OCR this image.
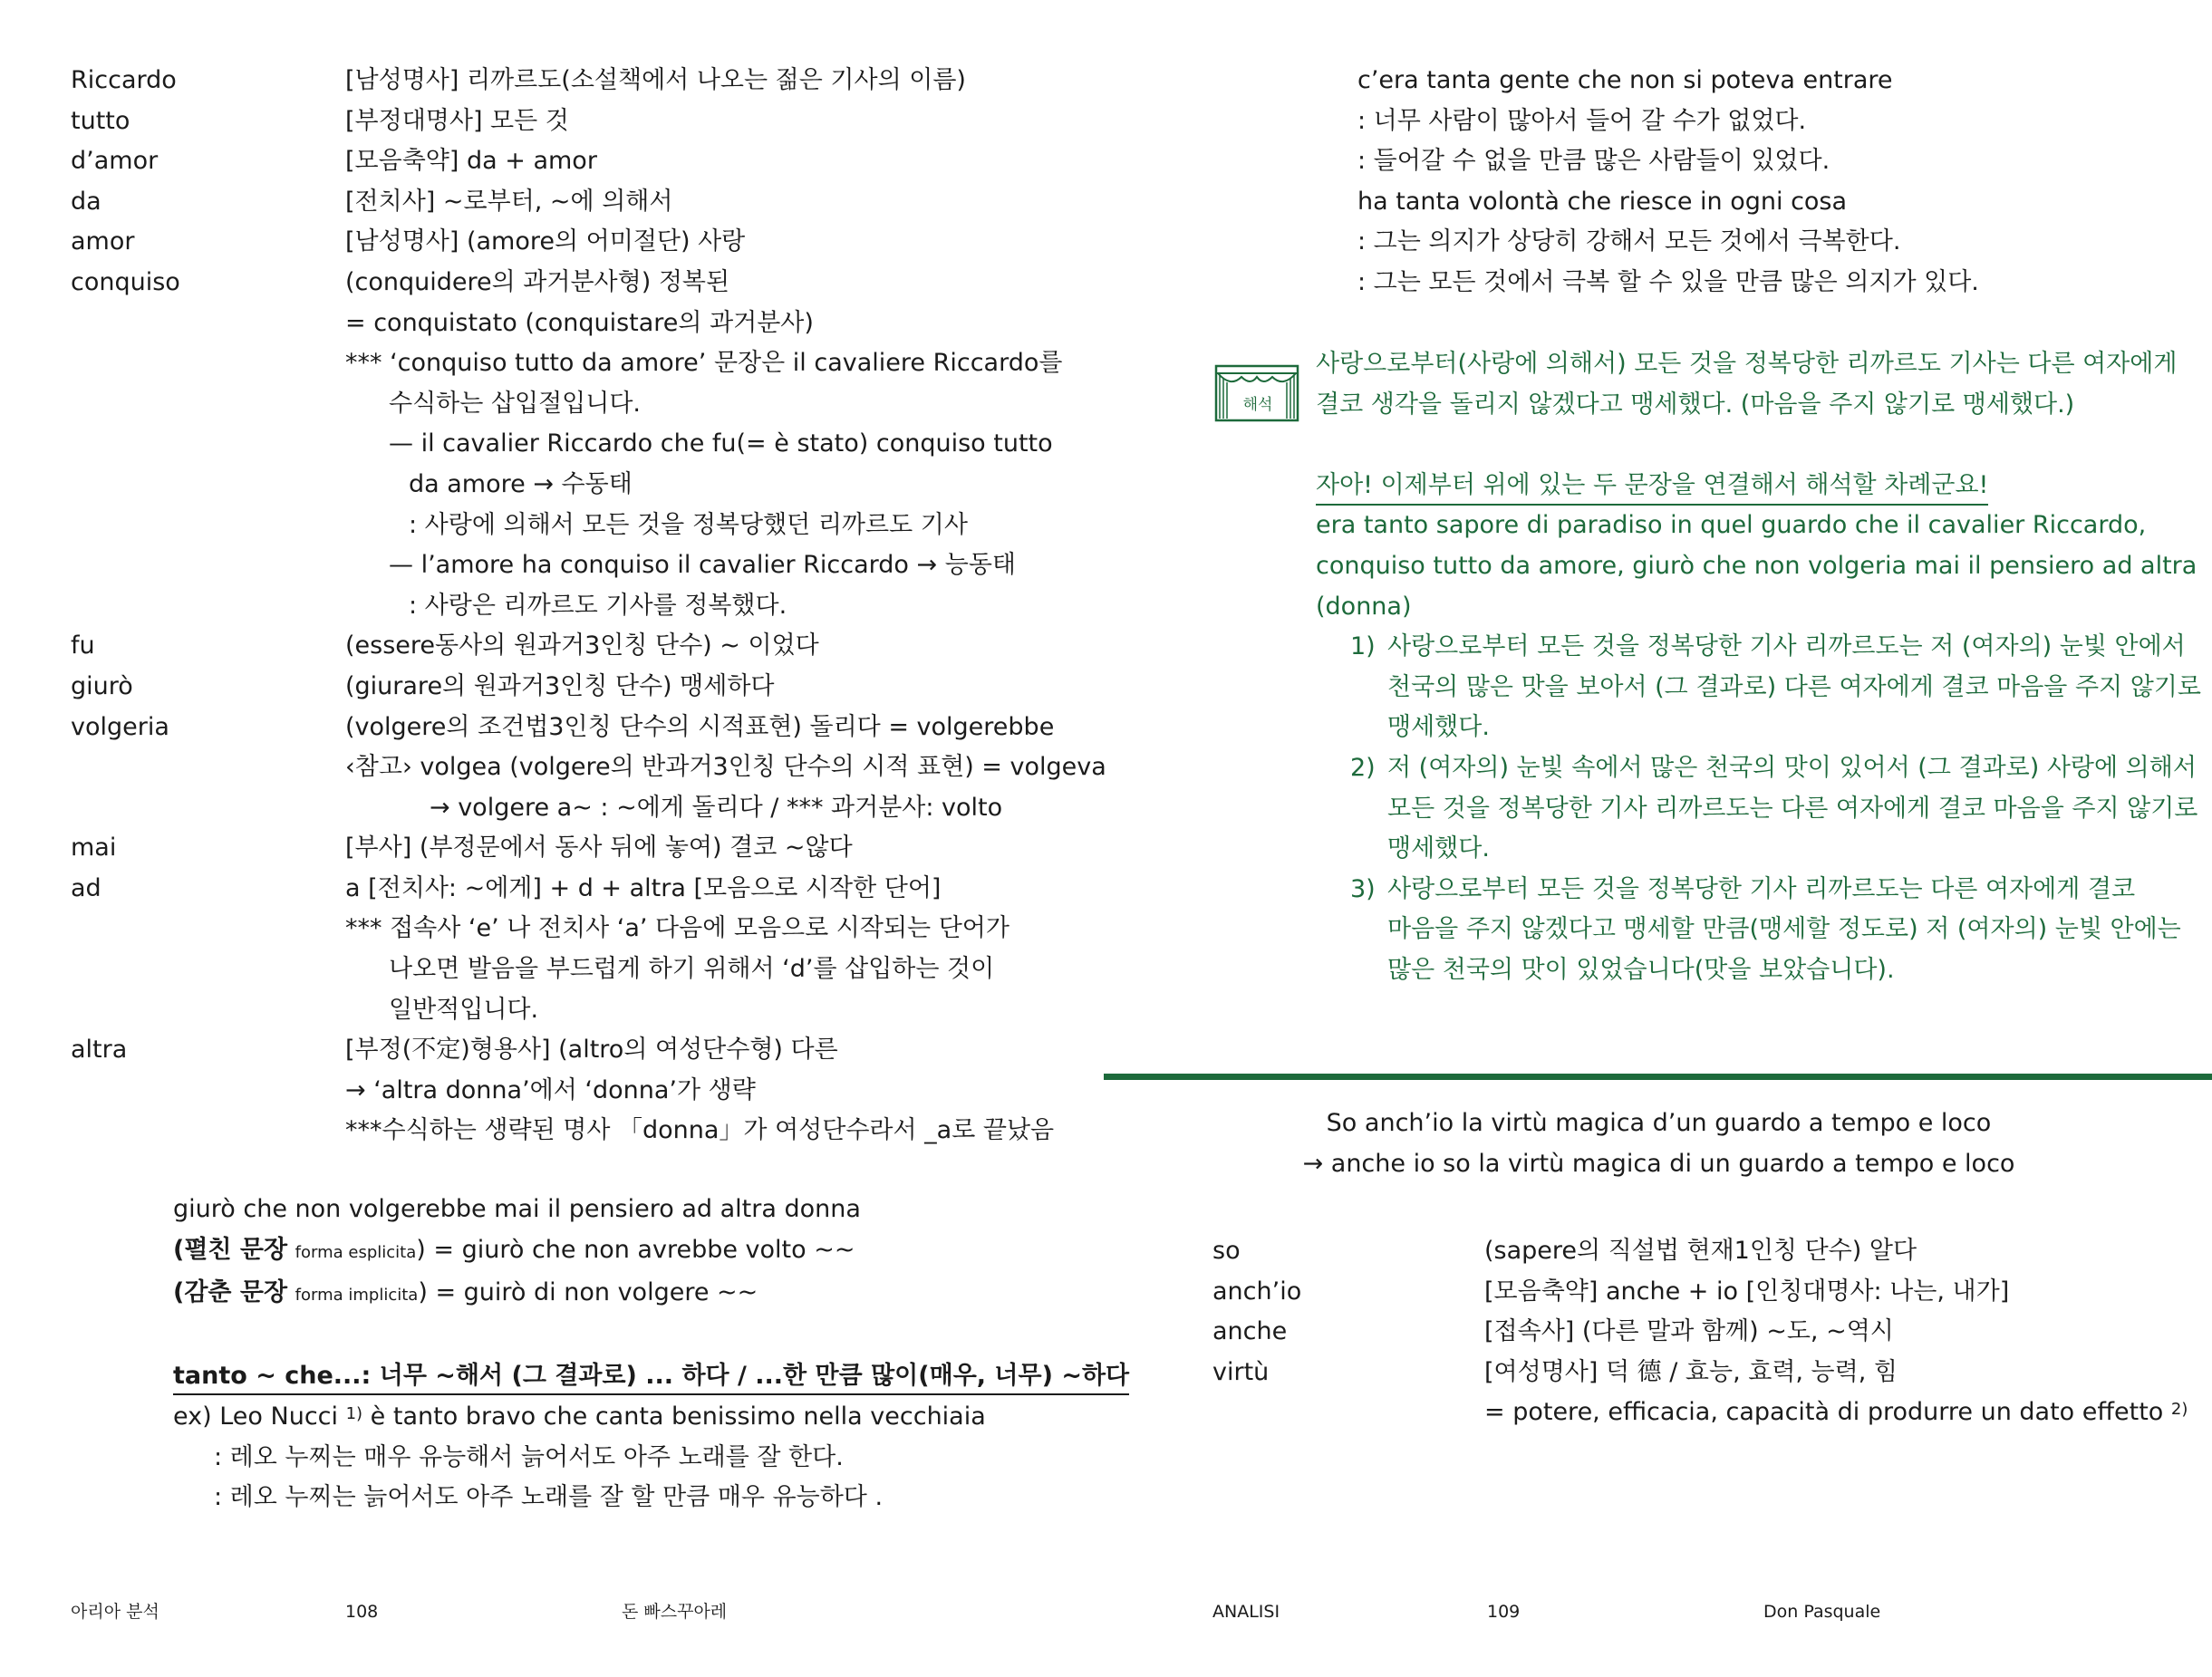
Riccardo	[남성명사] 리까르도(소설책에서 나오는 젊은 기사의 이름)
tutto	[부정대명사] 모든 것
d’amor	[모음축약] da + amor
da	[전치사] ~로부터, ~에 의해서
amor	[남성명사] (amore의 어미절단) 사랑
conquiso	(conquidere의 과거분사형) 정복된
= conquistato (conquistare의 과거분사)
*** ‘conquiso tutto da amore’ 문장은 il cavaliere Riccardo를
수식하는 삽입절입니다.
— il cavalier Riccardo che fu(= è stato) conquiso tutto
da amore → 수동태
: 사랑에 의해서 모든 것을 정복당했던 리까르도 기사
— l’amore ha conquiso il cavalier Riccardo → 능동태
: 사랑은 리까르도 기사를 정복했다.
fu	(essere동사의 원과거3인칭 단수) ~ 이었다
giurò	(giurare의 원과거3인칭 단수) 맹세하다
volgeria	(volgere의 조건법3인칭 단수의 시적표현) 돌리다 = volgerebbe
‹참고› volgea (volgere의 반과거3인칭 단수의 시적 표현) = volgeva
→ volgere a~ : ~에게 돌리다 / *** 과거분사: volto
mai	[부사] (부정문에서 동사 뒤에 놓여) 결코 ~않다
ad	a [전치사: ~에게] + d + altra [모음으로 시작한 단어]
*** 접속사 ‘e’ 나 전치사 ‘a’ 다음에 모음으로 시작되는 단어가
나오면 발음을 부드럽게 하기 위해서 ‘d’를 삽입하는 것이
일반적입니다.
altra	[부정(不定)형용사] (altro의 여성단수형) 다른
→ ‘altra donna’에서 ‘donna’가 생략
***수식하는 생략된 명사 「donna」가 여성단수라서 _a로 끝났음
giurò che non volgerebbe mai il pensiero ad altra donna
(펼친 문장 forma esplicita) = giurò che non avrebbe volto ~~
(감춘 문장 forma implicita) = guirò di non volgere ~~
tanto ~ che...: 너무 ~해서 (그 결과로) ... 하다 / ...한 만큼 많이(매우, 너무) ~하다
ex) Leo Nucci $^{1)}$ è tanto bravo che canta benissimo nella vecchiaia
: 레오 누찌는 매우 유능해서 늙어서도 아주 노래를 잘 한다.
: 레오 누찌는 늙어서도 아주 노래를 잘 할 만큼 매우 유능하다 .
아리아 분석	108	돈 빠스꾸아레
c’era tanta gente che non si poteva entrare
: 너무 사람이 많아서 들어 갈 수가 없었다.
: 들어갈 수 없을 만큼 많은 사람들이 있었다.
ha tanta volontà che riesce in ogni cosa
: 그는 의지가 상당히 강해서 모든 것에서 극복한다.
: 그는 모든 것에서 극복 할 수 있을 만큼 많은 의지가 있다.
해석
사랑으로부터(사랑에 의해서) 모든 것을 정복당한 리까르도 기사는 다른 여자에게
결코 생각을 돌리지 않겠다고 맹세했다. (마음을 주지 않기로 맹세했다.)
자아! 이제부터 위에 있는 두 문장을 연결해서 해석할 차례군요!
era tanto sapore di paradiso in quel guardo che il cavalier Riccardo,
conquiso tutto da amore, giurò che non volgeria mai il pensiero ad altra
(donna)
1) 사랑으로부터 모든 것을 정복당한 기사 리까르도는 저 (여자의) 눈빛 안에서
천국의 많은 맛을 보아서 (그 결과로) 다른 여자에게 결코 마음을 주지 않기로
맹세했다.
2) 저 (여자의) 눈빛 속에서 많은 천국의 맛이 있어서 (그 결과로) 사랑에 의해서
모든 것을 정복당한 기사 리까르도는 다른 여자에게 결코 마음을 주지 않기로
맹세했다.
3) 사랑으로부터 모든 것을 정복당한 기사 리까르도는 다른 여자에게 결코
마음을 주지 않겠다고 맹세할 만큼(맹세할 정도로) 저 (여자의) 눈빛 안에는
많은 천국의 맛이 있었습니다(맛을 보았습니다).
So anch’io la virtù magica d’un guardo a tempo e loco
→ anche io so la virtù magica di un guardo a tempo e loco
so	(sapere의 직설법 현재1인칭 단수) 알다
anch’io	[모음축약] anche + io [인칭대명사: 나는, 내가]
anche	[접속사] (다른 말과 함께) ~도, ~역시
virtù	[여성명사] 덕 德 / 효능, 효력, 능력, 힘
= potere, efficacia, capacità di produrre un dato effetto $^{2)}$
ANALISI	109	Don Pasquale
